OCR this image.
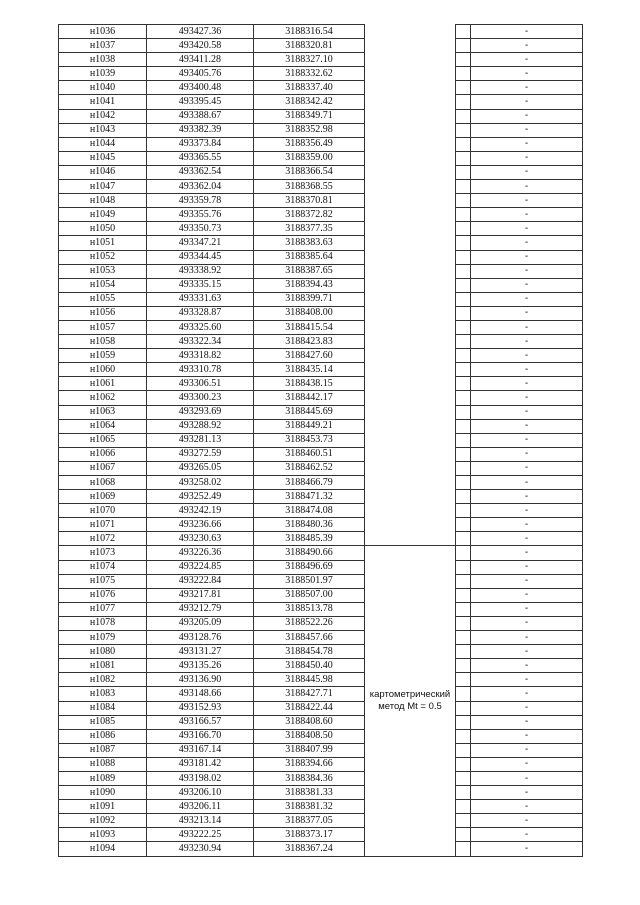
н1036	493427.36	3188316.54			-
н1037	493420.58	3188320.81			-
н1038	493411.28	3188327.10			-
н1039	493405.76	3188332.62			-
н1040	493400.48	3188337.40			-
н1041	493395.45	3188342.42			-
н1042	493388.67	3188349.71			-
н1043	493382.39	3188352.98			-
н1044	493373.84	3188356.49			-
н1045	493365.55	3188359.00			-
н1046	493362.54	3188366.54			-
н1047	493362.04	3188368.55			-
н1048	493359.78	3188370.81			-
н1049	493355.76	3188372.82			-
н1050	493350.73	3188377.35			-
н1051	493347.21	3188383.63			-
н1052	493344.45	3188385.64			-
н1053	493338.92	3188387.65			-
н1054	493335.15	3188394.43			-
н1055	493331.63	3188399.71			-
н1056	493328.87	3188408.00			-
н1057	493325.60	3188415.54			-
н1058	493322.34	3188423.83			-
н1059	493318.82	3188427.60			-
н1060	493310.78	3188435.14			-
н1061	493306.51	3188438.15			-
н1062	493300.23	3188442.17			-
н1063	493293.69	3188445.69			-
н1064	493288.92	3188449.21			-
н1065	493281.13	3188453.73			-
н1066	493272.59	3188460.51			-
н1067	493265.05	3188462.52			-
н1068	493258.02	3188466.79			-
н1069	493252.49	3188471.32			-
н1070	493242.19	3188474.08			-
н1071	493236.66	3188480.36			-
н1072	493230.63	3188485.39			-
н1073	493226.36	3188490.66	картометрический метод Mt = 0.5		-
н1074	493224.85	3188496.69			-
н1075	493222.84	3188501.97			-
н1076	493217.81	3188507.00			-
н1077	493212.79	3188513.78			-
н1078	493205.09	3188522.26			-
н1079	493128.76	3188457.66			-
н1080	493131.27	3188454.78			-
н1081	493135.26	3188450.40			-
н1082	493136.90	3188445.98			-
н1083	493148.66	3188427.71			-
н1084	493152.93	3188422.44			-
н1085	493166.57	3188408.60			-
н1086	493166.70	3188408.50			-
н1087	493167.14	3188407.99			-
н1088	493181.42	3188394.66			-
н1089	493198.02	3188384.36			-
н1090	493206.10	3188381.33			-
н1091	493206.11	3188381.32			-
н1092	493213.14	3188377.05			-
н1093	493222.25	3188373.17			-
н1094	493230.94	3188367.24			-
